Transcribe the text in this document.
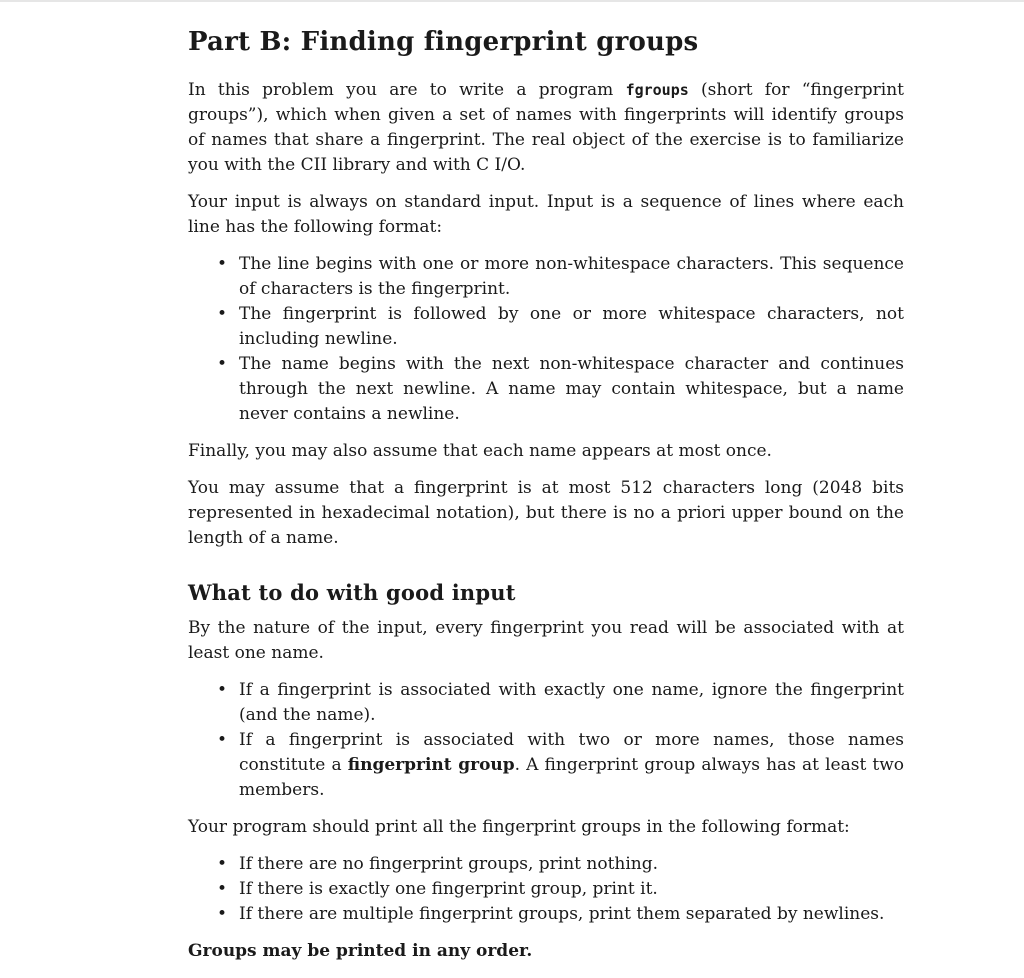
Part B: Finding fingerprint groups

In this problem you are to write a program fgroups (short for “fingerprint groups”), which when given a set of names with fingerprints will identify groups of names that share a fingerprint. The real object of the exercise is to familiarize you with the CII library and with C I/O.

Your input is always on standard input. Input is a sequence of lines where each line has the following format:

• The line begins with one or more non-whitespace characters. This sequence of characters is the fingerprint.
• The fingerprint is followed by one or more whitespace characters, not including newline.
• The name begins with the next non-whitespace character and continues through the next newline. A name may contain whitespace, but a name never contains a newline.

Finally, you may also assume that each name appears at most once.

You may assume that a fingerprint is at most 512 characters long (2048 bits represented in hexadecimal notation), but there is no a priori upper bound on the length of a name.

What to do with good input

By the nature of the input, every fingerprint you read will be associated with at least one name.

• If a fingerprint is associated with exactly one name, ignore the fingerprint (and the name).
• If a fingerprint is associated with two or more names, those names constitute a fingerprint group. A fingerprint group always has at least two members.

Your program should print all the fingerprint groups in the following format:

• If there are no fingerprint groups, print nothing.
• If there is exactly one fingerprint group, print it.
• If there are multiple fingerprint groups, print them separated by newlines.

Groups may be printed in any order.
